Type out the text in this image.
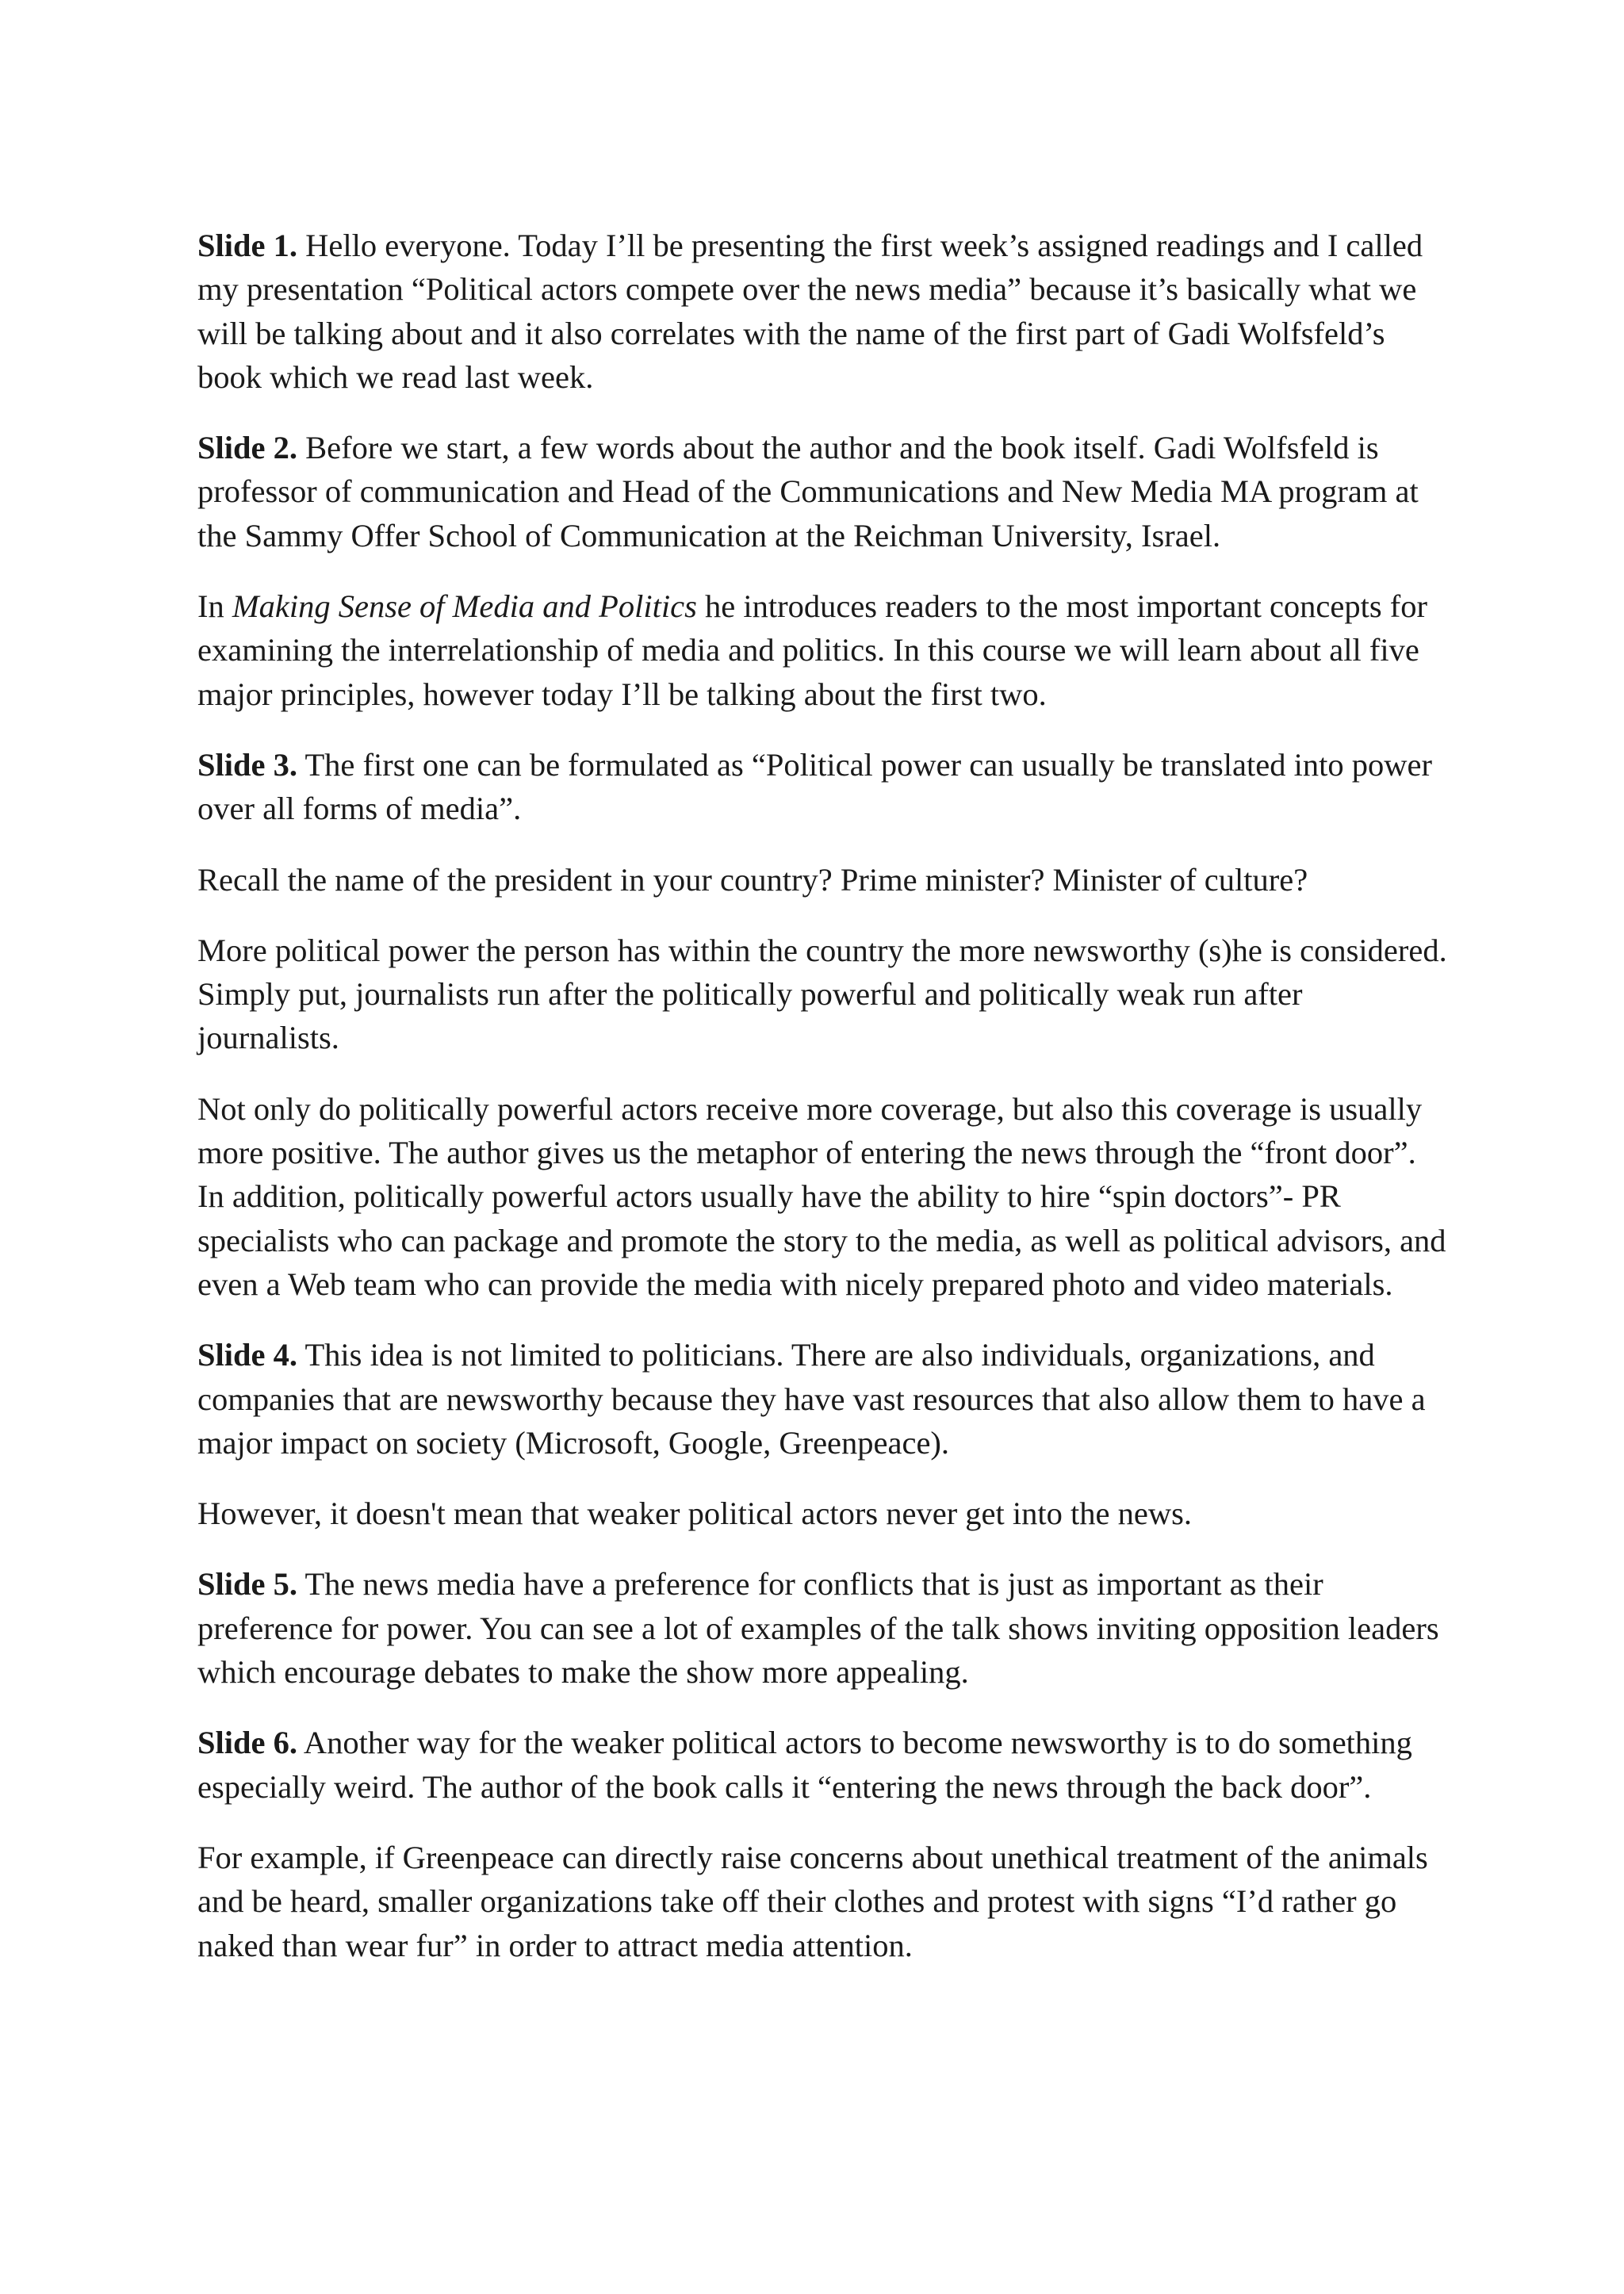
Slide 1. Hello everyone. Today I’ll be presenting the first week’s assigned readings and I called my presentation “Political actors compete over the news media” because it’s basically what we will be talking about and it also correlates with the name of the first part of Gadi Wolfsfeld’s book which we read last week.

Slide 2. Before we start, a few words about the author and the book itself. Gadi Wolfsfeld is professor of communication and Head of the Communications and New Media MA program at the Sammy Offer School of Communication at the Reichman University, Israel.

In Making Sense of Media and Politics he introduces readers to the most important concepts for examining the interrelationship of media and politics. In this course we will learn about all five major principles, however today I’ll be talking about the first two.

Slide 3. The first one can be formulated as “Political power can usually be translated into power over all forms of media”.

Recall the name of the president in your country? Prime minister? Minister of culture?

More political power the person has within the country the more newsworthy (s)he is considered. Simply put, journalists run after the politically powerful and politically weak run after journalists.

Not only do politically powerful actors receive more coverage, but also this coverage is usually more positive. The author gives us the metaphor of entering the news through the “front door”. In addition, politically powerful actors usually have the ability to hire “spin doctors”- PR specialists who can package and promote the story to the media, as well as political advisors, and even a Web team who can provide the media with nicely prepared photo and video materials.

Slide 4. This idea is not limited to politicians. There are also individuals, organizations, and companies that are newsworthy because they have vast resources that also allow them to have a major impact on society (Microsoft, Google, Greenpeace).

However, it doesn't mean that weaker political actors never get into the news.

Slide 5. The news media have a preference for conflicts that is just as important as their preference for power. You can see a lot of examples of the talk shows inviting opposition leaders which encourage debates to make the show more appealing.

Slide 6. Another way for the weaker political actors to become newsworthy is to do something especially weird. The author of the book calls it “entering the news through the back door”.

For example, if Greenpeace can directly raise concerns about unethical treatment of the animals and be heard, smaller organizations take off their clothes and protest with signs “I’d rather go naked than wear fur” in order to attract media attention.
